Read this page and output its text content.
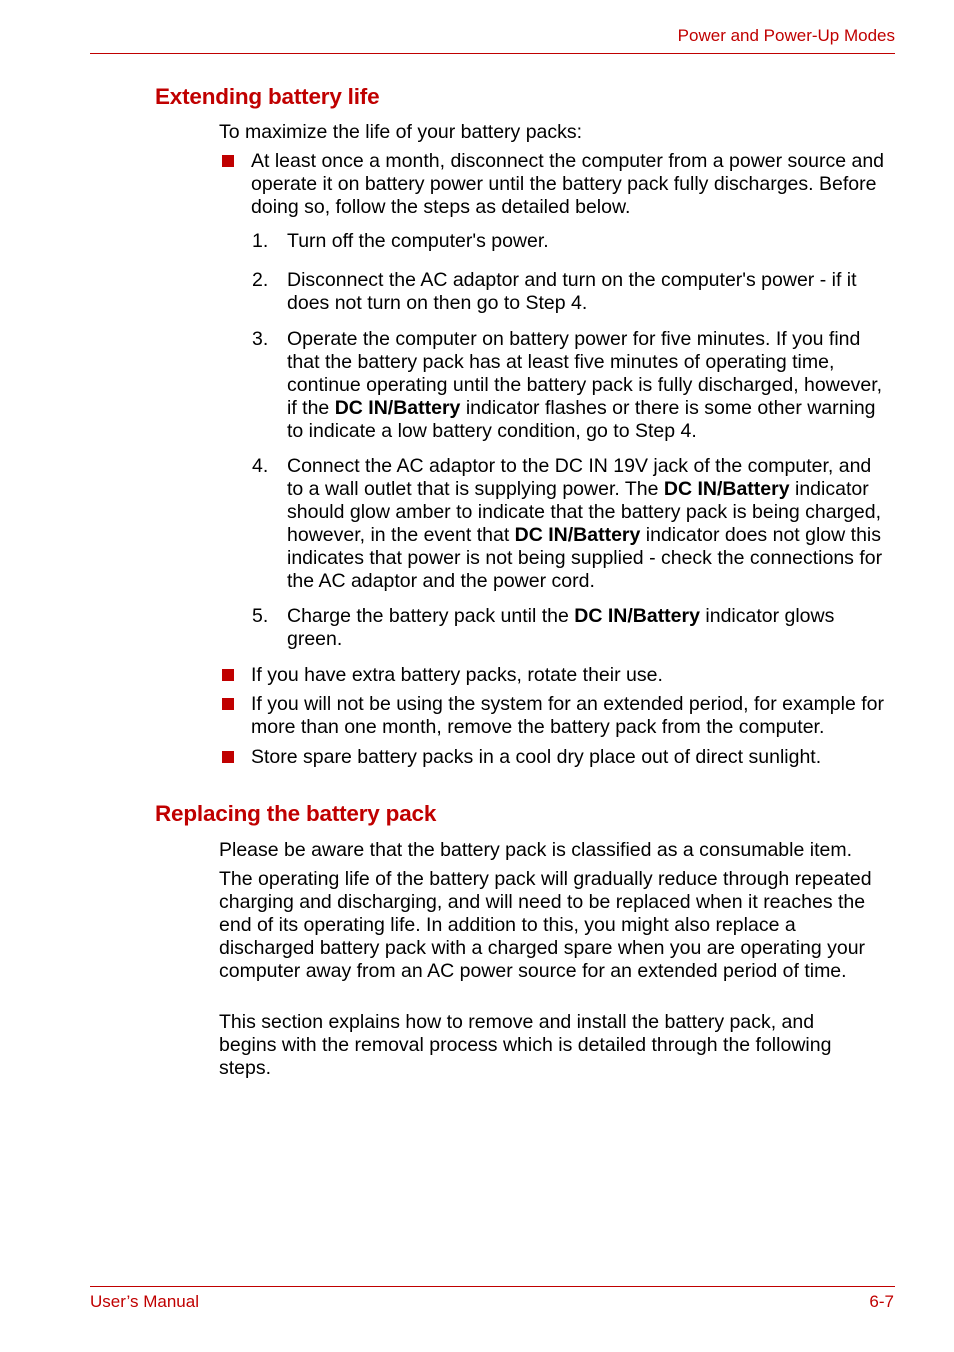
Power and Power-Up Modes
Extending battery life

To maximize the life of your battery packs:

At least once a month, disconnect the computer from a power source and operate it on battery power until the battery pack fully discharges. Before doing so, follow the steps as detailed below.

1. Turn off the computer's power.

2. Disconnect the AC adaptor and turn on the computer's power - if it does not turn on then go to Step 4.

3. Operate the computer on battery power for five minutes. If you find that the battery pack has at least five minutes of operating time, continue operating until the battery pack is fully discharged, however, if the DC IN/Battery indicator flashes or there is some other warning to indicate a low battery condition, go to Step 4.

4. Connect the AC adaptor to the DC IN 19V jack of the computer, and to a wall outlet that is supplying power. The DC IN/Battery indicator should glow amber to indicate that the battery pack is being charged, however, in the event that DC IN/Battery indicator does not glow this indicates that power is not being supplied - check the connections for the AC adaptor and the power cord.

5. Charge the battery pack until the DC IN/Battery indicator glows green.

If you have extra battery packs, rotate their use.

If you will not be using the system for an extended period, for example for more than one month, remove the battery pack from the computer.

Store spare battery packs in a cool dry place out of direct sunlight.

Replacing the battery pack

Please be aware that the battery pack is classified as a consumable item.

The operating life of the battery pack will gradually reduce through repeated charging and discharging, and will need to be replaced when it reaches the end of its operating life. In addition to this, you might also replace a discharged battery pack with a charged spare when you are operating your computer away from an AC power source for an extended period of time.

This section explains how to remove and install the battery pack, and begins with the removal process which is detailed through the following steps.

User’s Manual	6-7
